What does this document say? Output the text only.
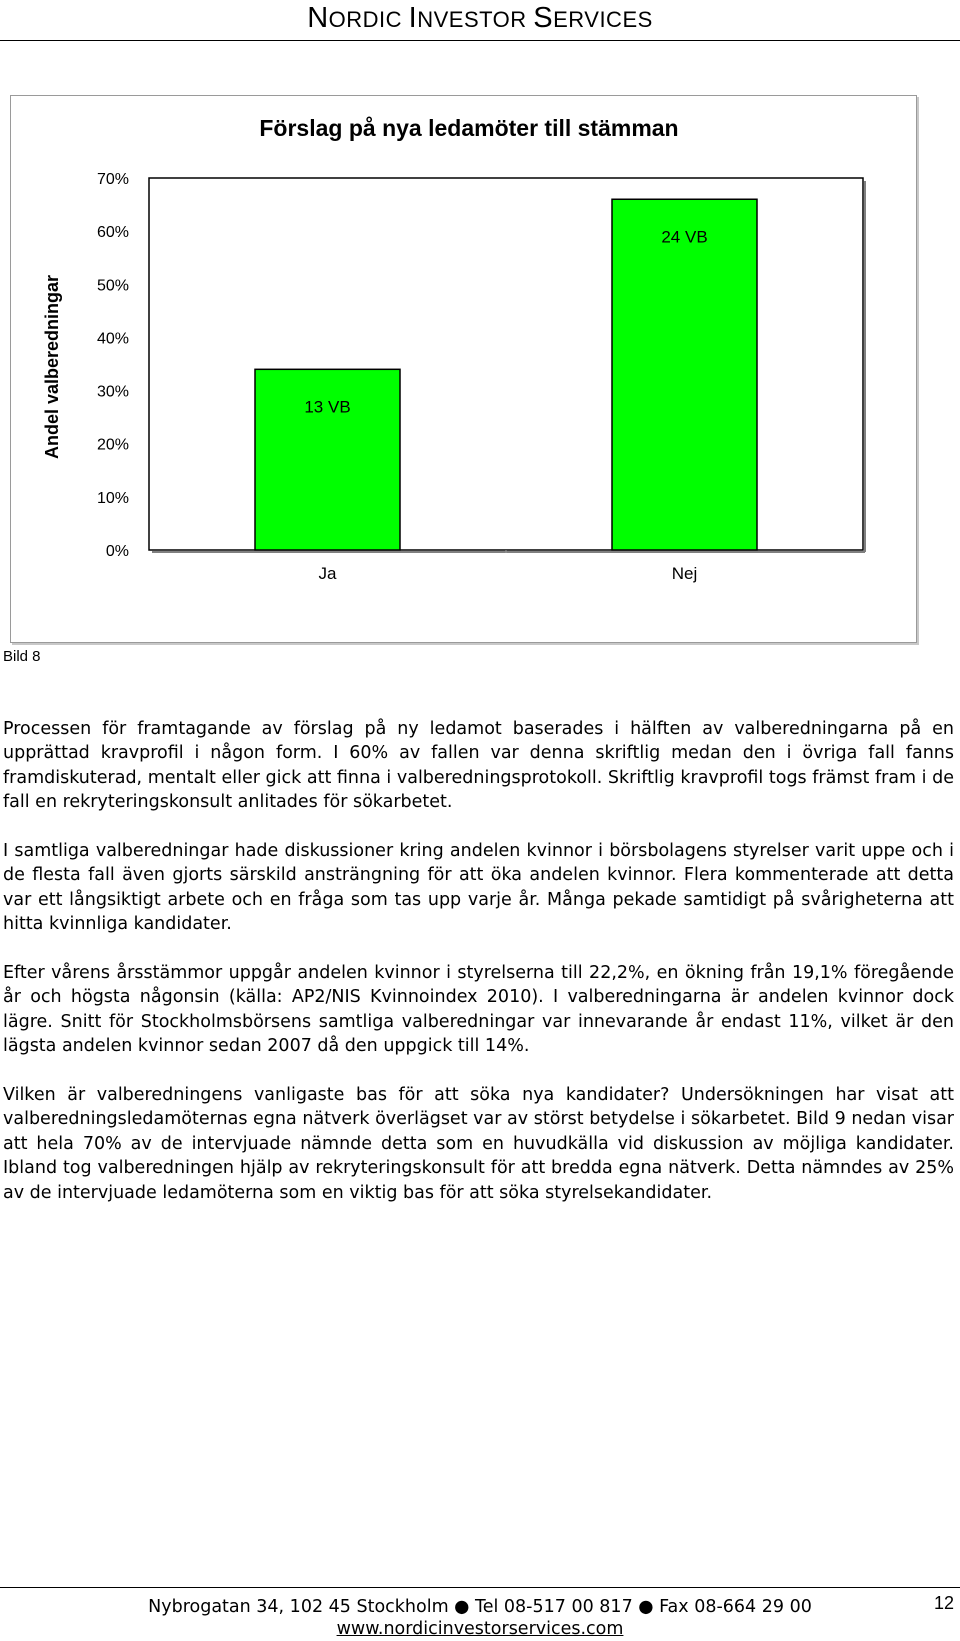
NORDIC INVESTOR SERVICES
Förslag på nya ledamöter till stämman
Andel valberedningar
0%
10%
20%
30%
40%
50%
60%
70%
13 VB
Ja
24 VB
Nej
Bild 8
Processen för framtagande av förslag på ny ledamot baserades i hälften av valberedningarna på en upprättad kravprofil i någon form. I 60% av fallen var denna skriftlig medan den i övriga fall fanns framdiskuterad, mentalt eller gick att finna i valberedningsprotokoll. Skriftlig kravprofil togs främst fram i de fall en rekryteringskonsult anlitades för sökarbetet.
I samtliga valberedningar hade diskussioner kring andelen kvinnor i börsbolagens styrelser varit uppe och i de flesta fall även gjorts särskild ansträngning för att öka andelen kvinnor. Flera kommenterade att detta var ett långsiktigt arbete och en fråga som tas upp varje år. Många pekade samtidigt på svårigheterna att hitta kvinnliga kandidater.
Efter vårens årsstämmor uppgår andelen kvinnor i styrelserna till 22,2%, en ökning från 19,1% föregående år och högsta någonsin (källa: AP2/NIS Kvinnoindex 2010). I valberedningarna är andelen kvinnor dock lägre. Snitt för Stockholmsbörsens samtliga valberedningar var innevarande år endast 11%, vilket är den lägsta andelen kvinnor sedan 2007 då den uppgick till 14%.
Vilken är valberedningens vanligaste bas för att söka nya kandidater? Undersökningen har visat att valberedningsledamöternas egna nätverk överlägset var av störst betydelse i sökarbetet. Bild 9 nedan visar att hela 70% av de intervjuade nämnde detta som en huvudkälla vid diskussion av möjliga kandidater. Ibland tog valberedningen hjälp av rekryteringskonsult för att bredda egna nätverk. Detta nämndes av 25% av de intervjuade ledamöterna som en viktig bas för att söka styrelsekandidater.
Nybrogatan 34, 102 45 Stockholm ● Tel 08-517 00 817 ● Fax 08-664 29 00
www.nordicinvestorservices.com
12
